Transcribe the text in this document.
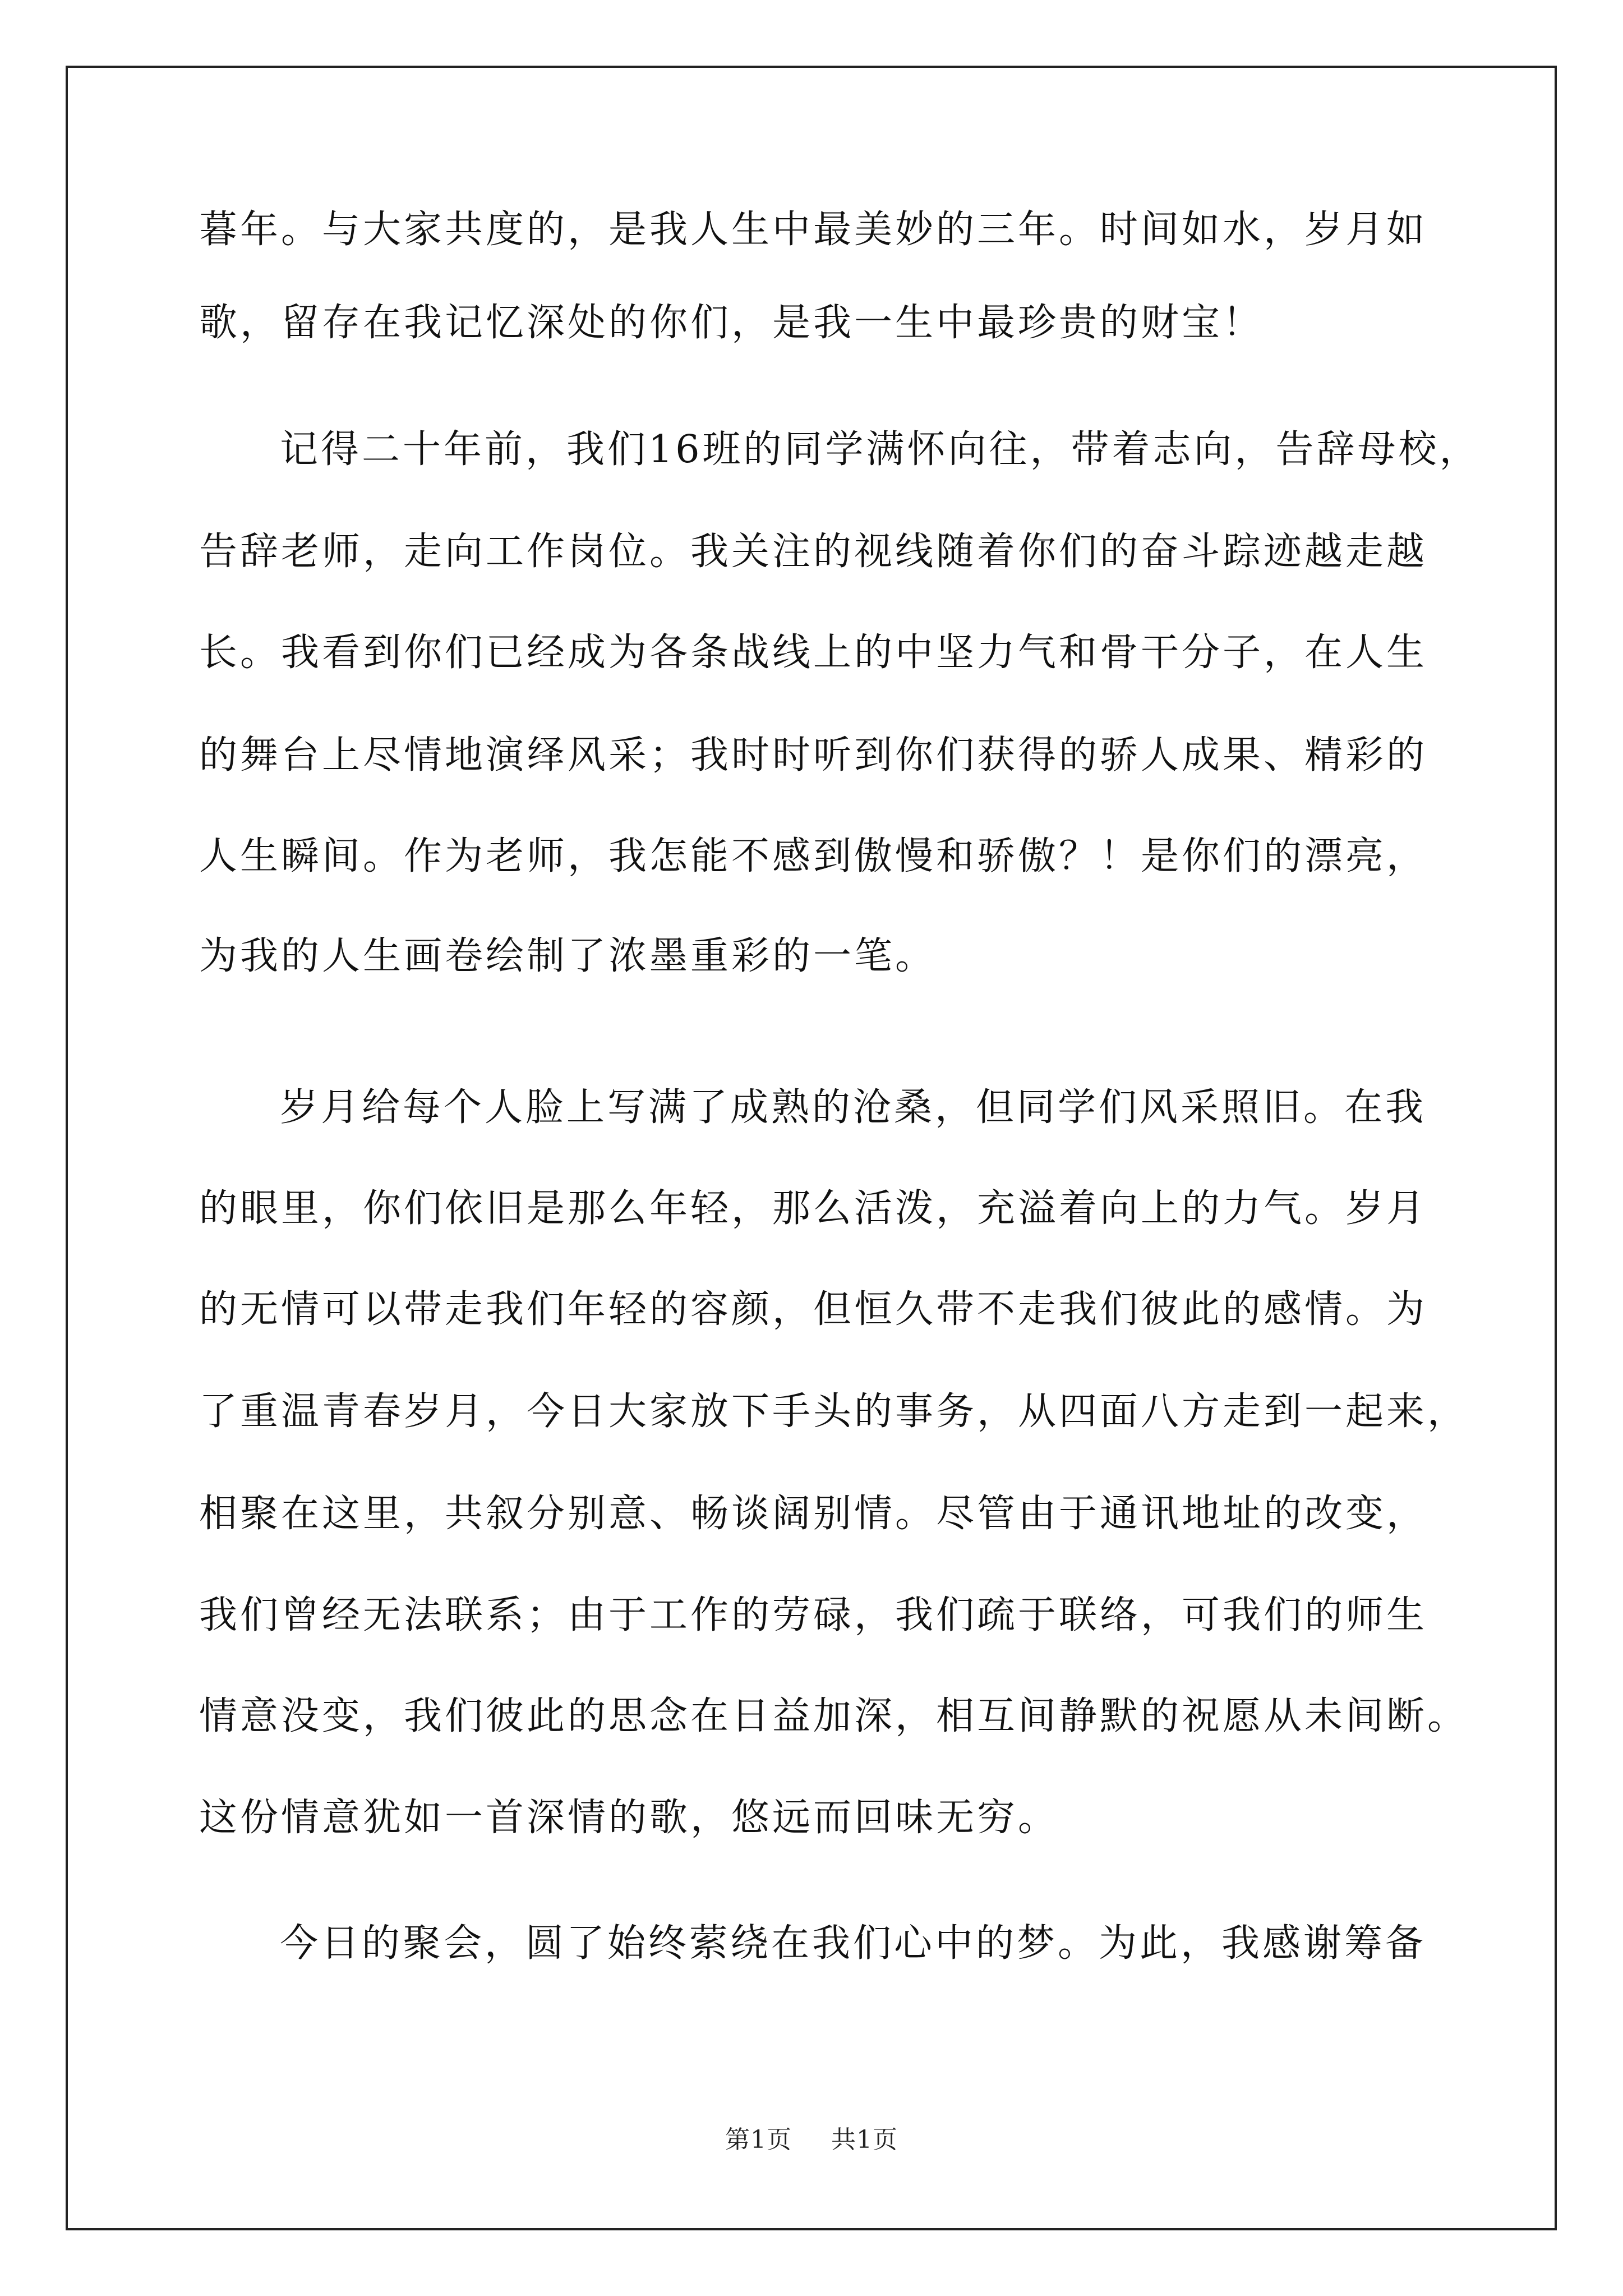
暮年。与大家共度的，是我人生中最美妙的三年。时间如水，岁月如
歌，留存在我记忆深处的你们，是我一生中最珍贵的财宝！
记得二十年前，我们16班的同学满怀向往，带着志向，告辞母校，
告辞老师，走向工作岗位。我关注的视线随着你们的奋斗踪迹越走越
长。我看到你们已经成为各条战线上的中坚力气和骨干分子，在人生
的舞台上尽情地演绎风采；我时时听到你们获得的骄人成果、精彩的
人生瞬间。作为老师，我怎能不感到傲慢和骄傲？！是你们的漂亮，
为我的人生画卷绘制了浓墨重彩的一笔。
岁月给每个人脸上写满了成熟的沧桑，但同学们风采照旧。在我
的眼里，你们依旧是那么年轻，那么活泼，充溢着向上的力气。岁月
的无情可以带走我们年轻的容颜，但恒久带不走我们彼此的感情。为
了重温青春岁月，今日大家放下手头的事务，从四面八方走到一起来，
相聚在这里，共叙分别意、畅谈阔别情。尽管由于通讯地址的改变，
我们曾经无法联系；由于工作的劳碌，我们疏于联络，可我们的师生
情意没变，我们彼此的思念在日益加深，相互间静默的祝愿从未间断。
这份情意犹如一首深情的歌，悠远而回味无穷。
今日的聚会，圆了始终萦绕在我们心中的梦。为此，我感谢筹备
第1页 共1页
